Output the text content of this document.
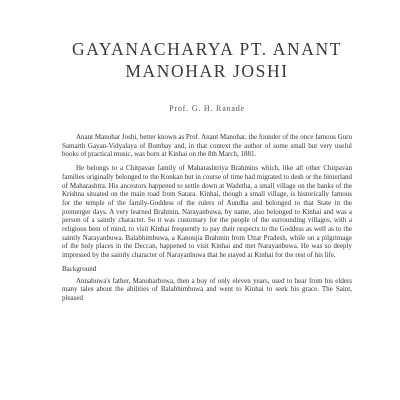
GAYANACHARYA PT. ANANT
MANOHAR JOSHI
Prof. G. H. Ranade

Anant Manohar Joshi, better known as Prof. Anant Manohar, the founder of the once famous Guru Samarth Gayan-Vidyalaya of Bombay and, in that context the author of some small but very useful books of practical music, was born at Kinhai on the 8th March, 1881.

He belongs to a Chitpavan family of Maharashtriya Brahmins which, like all other Chitpavan families originally belonged to the Konkan but in course of time had migrated to desh or the hinterland of Maharashtra. His ancestors happened to settle down at Wadetha, a small village on the banks of the Krishna situated on the main road from Satara. Kinhai, though a small village, is historically famous for the temple of the family-Goddess of the rulers of Aundha and belonged to that State in the premerger days. A very learned Brahmin, Narayanbuwa, by name, also belonged to Kinhai and was a person of a saintly character. So it was customary for the people of the surrounding villages, with a religious bent of mind, to visit Kinhai frequently to pay their respects to the Goddess as well as to the saintly Narayanbuwa. Balabhimbuwa, a Kanoujia Brahmin from Uttar Pradesh, while on a pilgrimage of the holy places in the Deccan, happened to visit Kinhai and met Narayanbuwa. He was so deeply impressed by the saintly character of Narayanbuwa that he stayed at Kinhai for the rest of his life.

Background

Annabuwa's father, Manoharbuwa, then a boy of only eleven years, used to hear from his elders many tales about the abilities of Balabhimbuwa and went to Kinhai to seek his grace. The Saint, pleased
